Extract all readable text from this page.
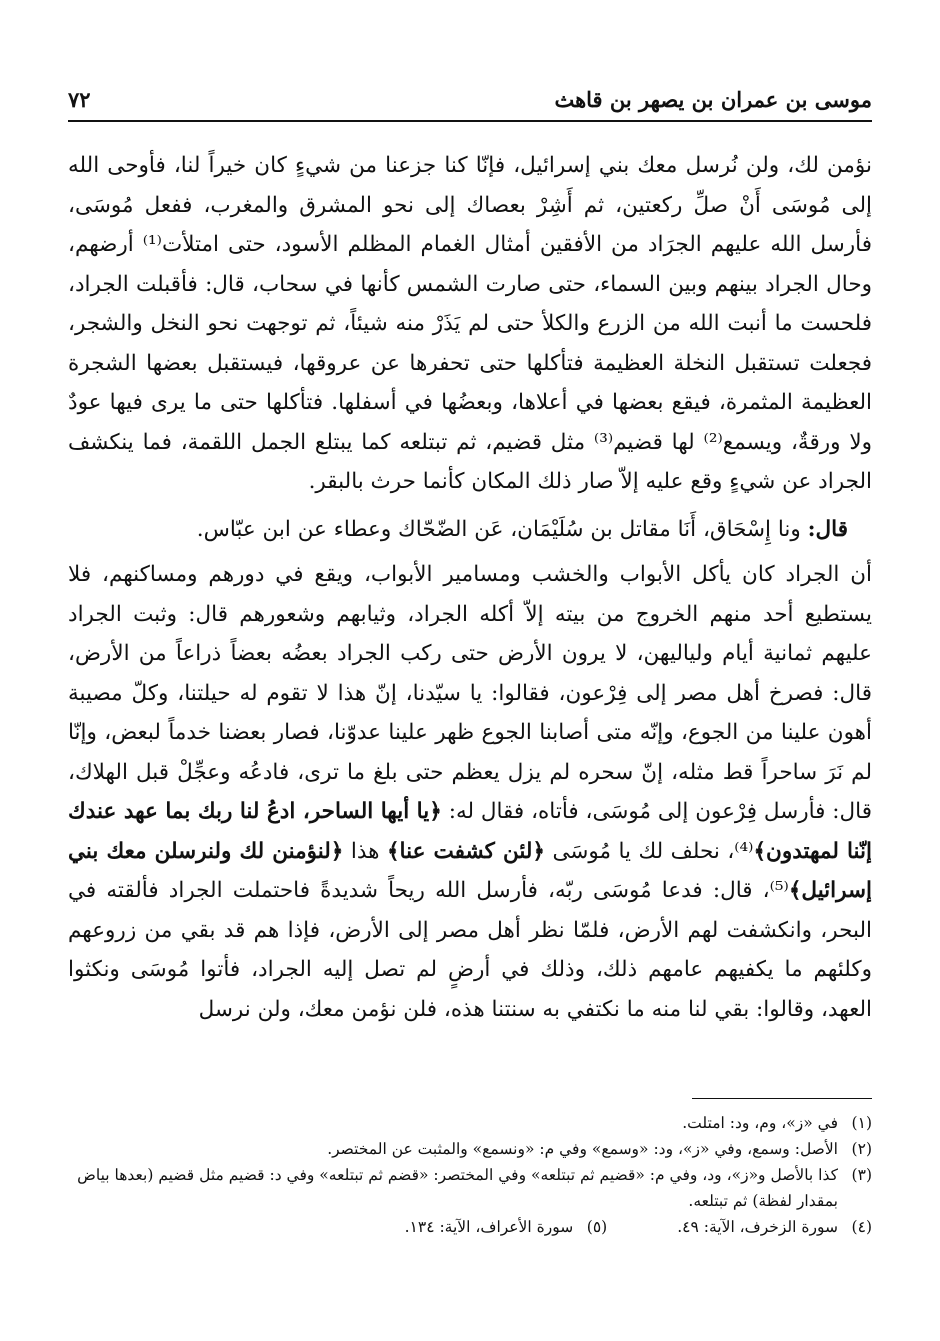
موسى بن عمران بن يصهر بن قاهث
٧٢

نؤمن لك، ولن نُرسل معك بني إسرائيل، فإنّا كنا جزعنا من شيءٍ كان خيراً لنا، فأوحى الله إلى مُوسَى أَنْ صلِّ ركعتين، ثم أَشِرْ بعصاك إلى نحو المشرق والمغرب، ففعل مُوسَى، فأرسل الله عليهم الجرَاد من الأفقين أمثال الغمام المظلم الأسود، حتى امتلأت⁽¹⁾ أرضهم، وحال الجراد بينهم وبين السماء، حتى صارت الشمس كأنها في سحاب، قال: فأقبلت الجراد، فلحست ما أنبت الله من الزرع والكلأ حتى لم يَذَرْ منه شيئاً، ثم توجهت نحو النخل والشجر، فجعلت تستقبل النخلة العظيمة فتأكلها حتى تحفرها عن عروقها، فيستقبل بعضها الشجرة العظيمة المثمرة، فيقع بعضها في أعلاها، وبعضُها في أسفلها. فتأكلها حتى ما يرى فيها عودٌ ولا ورقةٌ، ويسمع⁽²⁾ لها قضيم⁽³⁾ مثل قضيم، ثم تبتلعه كما يبتلع الجمل اللقمة، فما ينكشف الجراد عن شيءٍ وقع عليه إلاّ صار ذلك المكان كأنما حرث بالبقر.

قال: ونا إِسْحَاق، أَنَا مقاتل بن سُلَيْمَان، عَن الضّحّاك وعطاء عن ابن عبّاس.

أن الجراد كان يأكل الأبواب والخشب ومسامير الأبواب، ويقع في دورهم ومساكنهم، فلا يستطيع أحد منهم الخروج من بيته إلاّ أكله الجراد، وثيابهم وشعورهم قال: وثبت الجراد عليهم ثمانية أيام ولياليهن، لا يرون الأرض حتى ركب الجراد بعضُه بعضاً ذراعاً من الأرض، قال: فصرخ أهل مصر إلى فِرْعون، فقالوا: يا سيّدنا، إنّ هذا لا تقوم له حيلتنا، وكلّ مصيبة أهون علينا من الجوع، وإنّه متى أصابنا الجوع ظهر علينا عدوّنا، فصار بعضنا خدماً لبعض، وإنّا لم نَرَ ساحراً قط مثله، إنّ سحره لم يزل يعظم حتى بلغ ما ترى، فادعُه وعجِّلْ قبل الهلاك، قال: فأرسل فِرْعون إلى مُوسَى، فأتاه، فقال له: ﴿يا أيها الساحر، ادعُ لنا ربك بما عهد عندك إنّنا لمهتدون﴾⁽⁴⁾، نحلف لك يا مُوسَى ﴿لئن كشفت عنا﴾ هذا ﴿لنؤمنن لك ولنرسلن معك بني إسرائيل﴾⁽⁵⁾، قال: فدعا مُوسَى ربّه، فأرسل الله ريحاً شديدةً فاحتملت الجراد فألقته في البحر، وانكشفت لهم الأرض، فلمّا نظر أهل مصر إلى الأرض، فإذا هم قد بقي من زروعهم وكلئهم ما يكفيهم عامهم ذلك، وذلك في أرضٍ لم تصل إليه الجراد، فأتوا مُوسَى ونكثوا العهد، وقالوا: بقي لنا منه ما نكتفي به سنتنا هذه، فلن نؤمن معك، ولن نرسل

(١)
في «ز»، وم، ود: امتلت.
(٢)
الأصل: وسمع، وفي «ز»، ود: «وسمع» وفي م: «ونسمع» والمثبت عن المختصر.
(٣)
كذا بالأصل و«ز»، ود، وفي م: «قضيم ثم تبتلعه» وفي المختصر: «قضم ثم تبتلعه» وفي د: قضيم مثل قضيم (بعدها بياض بمقدار لفظة) ثم تبتلعه.
(٤)
سورة الزخرف، الآية: ٤٩.
(٥)
سورة الأعراف، الآية: ١٣٤.
